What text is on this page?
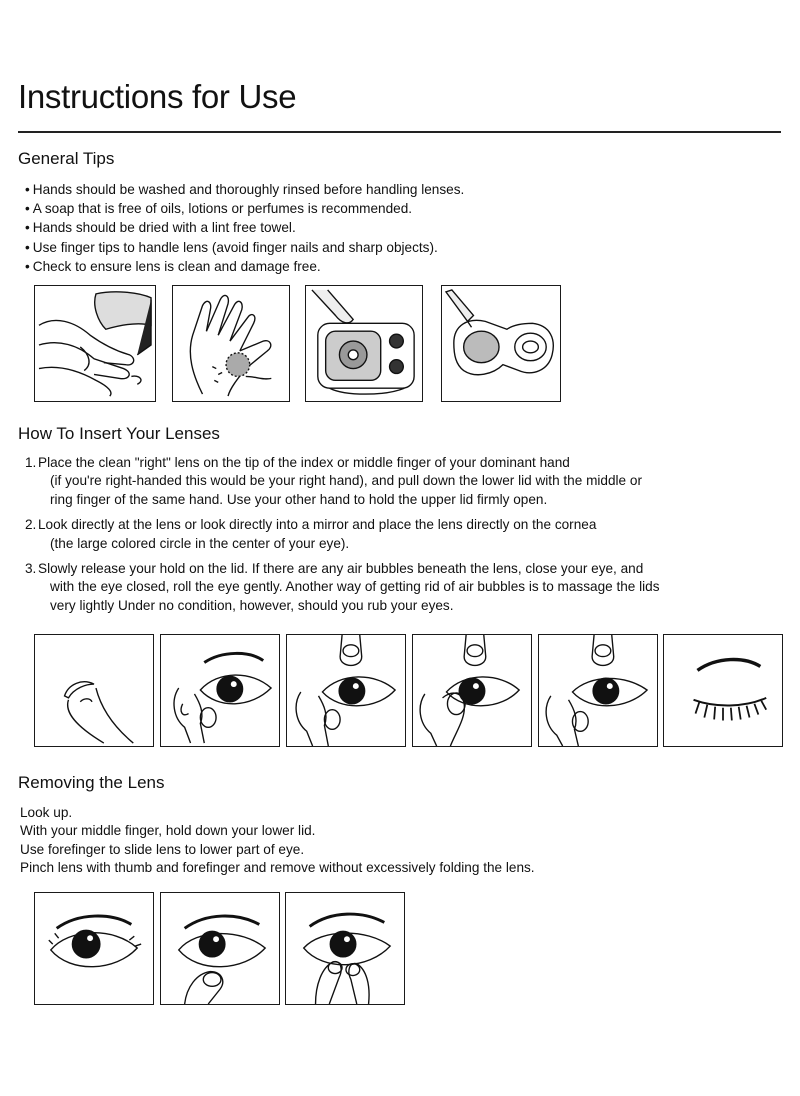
Instructions for Use
General Tips
• Hands should be washed and thoroughly rinsed before handling lenses.
• A soap that is free of oils, lotions or perfumes is recommended.
• Hands should be dried with a lint free towel.
• Use finger tips to handle lens (avoid finger nails and sharp objects).
• Check to ensure lens is clean and damage free.
How To Insert Your Lenses
1. Place the clean "right" lens on the tip of the index or middle finger of your dominant hand
(if you're right-handed this would be your right hand), and pull down the lower lid with the middle or
ring finger of the same hand. Use your other hand to hold the upper lid firmly open.
2. Look directly at the lens or look directly into a mirror and place the lens directly on the cornea
(the large colored circle in the center of your eye).
3. Slowly release your hold on the lid. If there are any air bubbles beneath the lens, close your eye, and
with the eye closed, roll the eye gently. Another way of getting rid of air bubbles is to massage the lids
very lightly Under no condition, however, should you rub your eyes.
Removing the Lens
Look up.
With your middle finger, hold down your lower lid.
Use forefinger to slide lens to lower part of eye.
Pinch lens with thumb and forefinger and remove without excessively folding the lens.
